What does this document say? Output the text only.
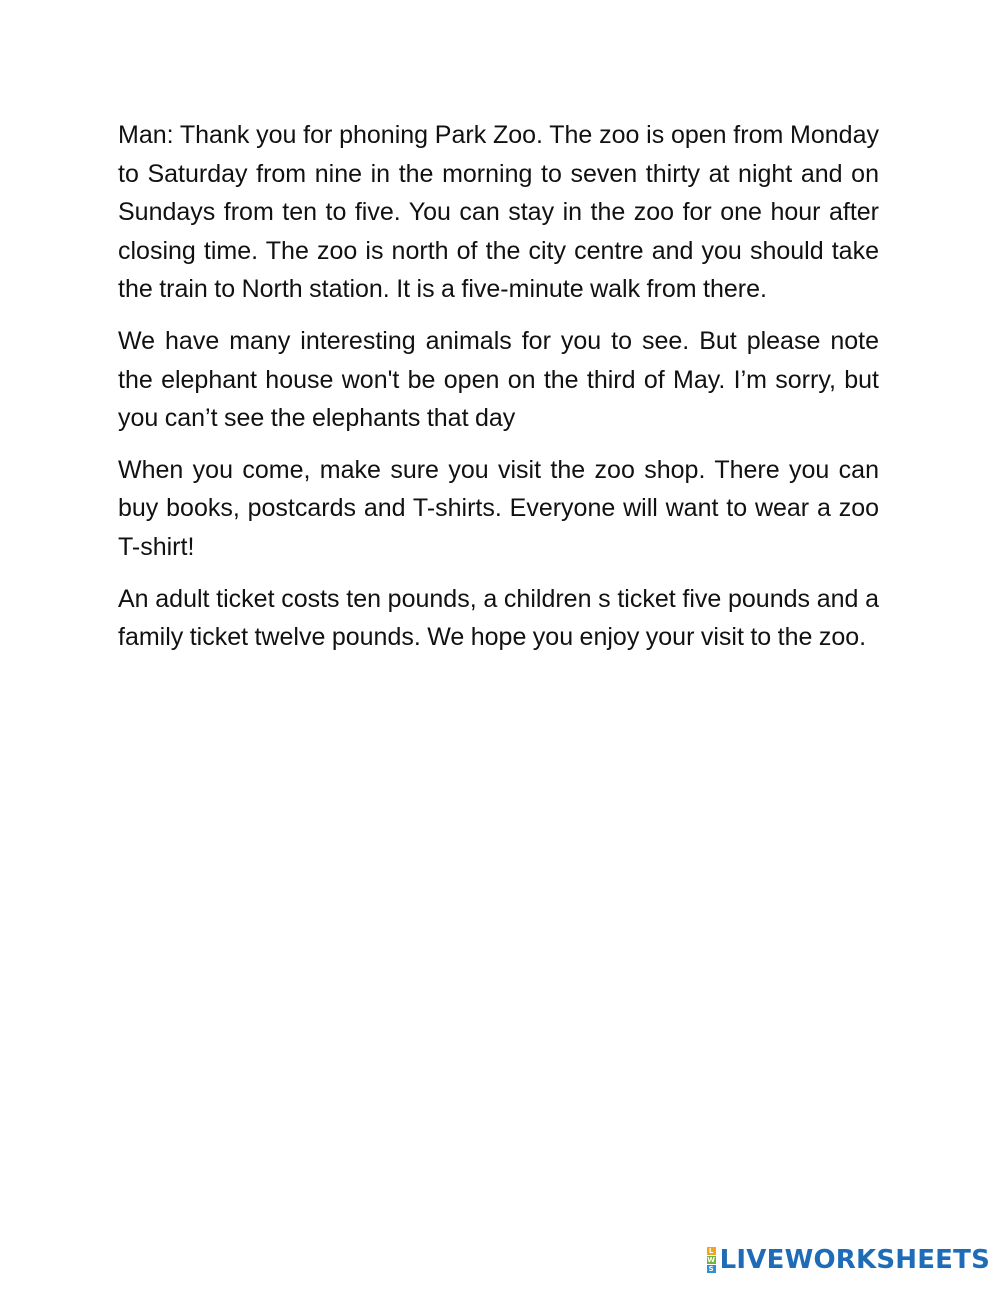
Man: Thank you for phoning Park Zoo. The zoo is open from Monday to Saturday from nine in the morning to seven thirty at night and on Sundays from ten to five. You can stay in the zoo for one hour after closing time. The zoo is north of the city centre and you should take the train to North station. It is a five-minute walk from there.

We have many interesting animals for you to see. But please note the elephant house won't be open on the third of May. I’m sorry, but you can’t see the elephants that day

When you come, make sure you visit the zoo shop. There you can buy books, postcards and T-shirts. Everyone will want to wear a zoo T-shirt!

An adult ticket costs ten pounds, a children s ticket five pounds and a family ticket twelve pounds. We hope you enjoy your visit to the zoo.

L
W
S LIVEWORKSHEETS
